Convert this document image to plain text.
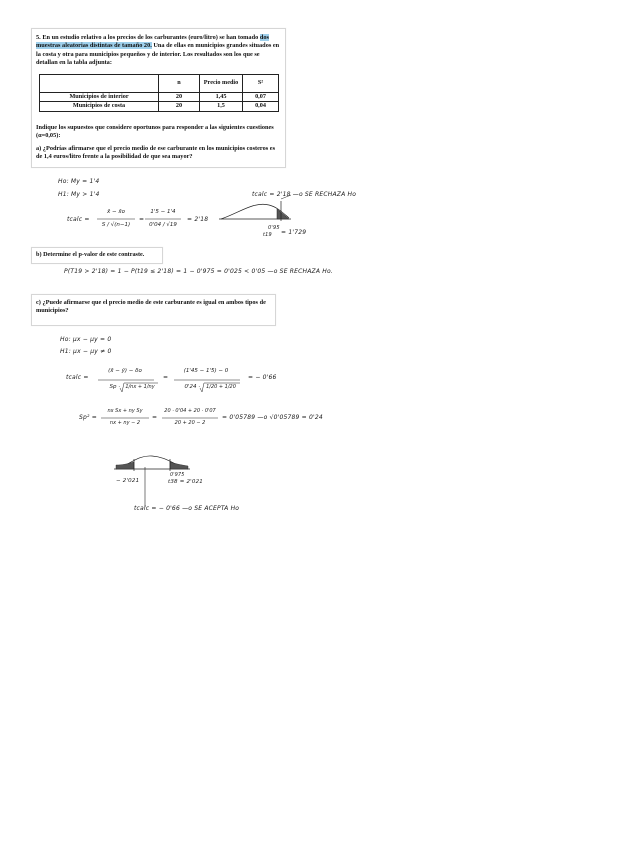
5. En un estudio relativo a los precios de los carburantes (euro/litro) se han tomado dos muestras aleatorias distintas de tamaño 20. Una de ellas en municipios grandes situados en la costa y otra para municipios pequeños y de interior. Los resultados son los que se detallan en la tabla adjunta:
	n	Precio medio	S²
Municipios de interior	20	1,45	0,07
Municipios de costa	20	1,5	0,04
Indique los supuestos que considere oportunos para responder a las siguientes cuestiones (α=0,05):
a) ¿Podrías afirmarse que el precio medio de ese carburante en los municipios costeros es de 1,4 euros/litro frente a la posibilidad de que sea mayor?
Ho: My = 1'4
H1: My > 1'4
tcalc =
x̄ − x̄o
S / √(n−1)
=
1'5 − 1'4
0'04 / √19
= 2'18
tcalc = 2'18 —o SE RECHAZA Ho
0'95
t19 = 1'729
b) Determine el p-valor de este contraste.
P(T19 > 2'18) = 1 − P(t19 ≤ 2'18) = 1 − 0'975 = 0'025 < 0'05 —o SE RECHAZA Ho.
c) ¿Puede afirmarse que el precio medio de este carburante es igual en ambos tipos de municipios?
Ho: μx − μy = 0
H1: μx − μy ≠ 0
tcalc =
(x̄ − ȳ) − δo
Sp ·	1/nx + 1/ny
=
(1'45 − 1'5) − 0
0'24 ·	1/20 + 1/20
= − 0'66
Sp² =
nx Sx + ny Sy
nx + ny − 2
=
20 · 0'04 + 20 · 0'07
20 + 20 − 2
= 0'05789 —o √0'05789 = 0'24
− 2'021
0'975
t38 = 2'021
tcalc = − 0'66 —o SE ACEPTA Ho
